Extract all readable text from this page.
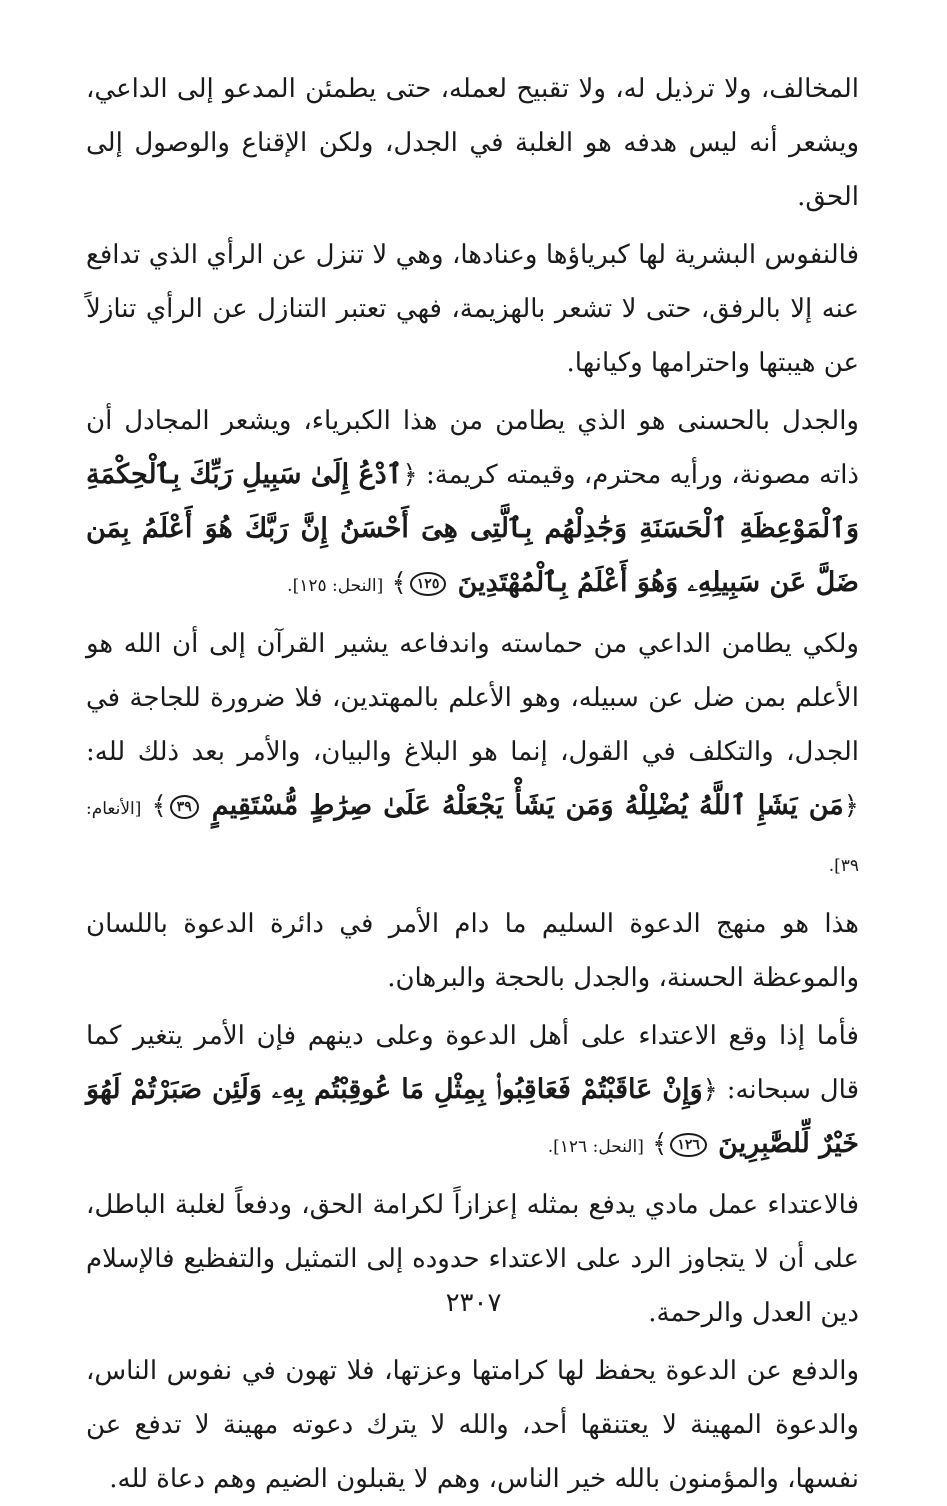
المخالف، ولا ترذيل له، ولا تقبيح لعمله، حتى يطمئن المدعو إلى الداعي، ويشعر أنه ليس هدفه هو الغلبة في الجدل، ولكن الإقناع والوصول إلى الحق.

فالنفوس البشرية لها كبرياؤها وعنادها، وهي لا تنزل عن الرأي الذي تدافع عنه إلا بالرفق، حتى لا تشعر بالهزيمة، فهي تعتبر التنازل عن الرأي تنازلاً عن هيبتها واحترامها وكيانها.

والجدل بالحسنى هو الذي يطامن من هذا الكبرياء، ويشعر المجادل أن ذاته مصونة، ورأيه محترم، وقيمته كريمة: ﴿ٱدْعُ إِلَىٰ سَبِيلِ رَبِّكَ بِٱلْحِكْمَةِ وَٱلْمَوْعِظَةِ ٱلْحَسَنَةِ وَجَٰدِلْهُم بِٱلَّتِى هِىَ أَحْسَنُ إِنَّ رَبَّكَ هُوَ أَعْلَمُ بِمَن ضَلَّ عَن سَبِيلِهِۦ وَهُوَ أَعْلَمُ بِٱلْمُهْتَدِينَ ١٢٥﴾ [النحل: ١٢٥].

ولكي يطامن الداعي من حماسته واندفاعه يشير القرآن إلى أن الله هو الأعلم بمن ضل عن سبيله، وهو الأعلم بالمهتدين، فلا ضرورة للجاجة في الجدل، والتكلف في القول، إنما هو البلاغ والبيان، والأمر بعد ذلك لله: ﴿مَن يَشَإِ ٱللَّهُ يُضْلِلْهُ وَمَن يَشَأْ يَجْعَلْهُ عَلَىٰ صِرَٰطٍ مُّسْتَقِيمٍ ٣٩﴾ [الأنعام: ٣٩].

هذا هو منهج الدعوة السليم ما دام الأمر في دائرة الدعوة باللسان والموعظة الحسنة، والجدل بالحجة والبرهان.

فأما إذا وقع الاعتداء على أهل الدعوة وعلى دينهم فإن الأمر يتغير كما قال سبحانه: ﴿وَإِنْ عَاقَبْتُمْ فَعَاقِبُوا۟ بِمِثْلِ مَا عُوقِبْتُم بِهِۦ وَلَئِن صَبَرْتُمْ لَهُوَ خَيْرٌ لِّلصَّٰبِرِينَ ١٢٦﴾ [النحل: ١٢٦].

فالاعتداء عمل مادي يدفع بمثله إعزازاً لكرامة الحق، ودفعاً لغلبة الباطل، على أن لا يتجاوز الرد على الاعتداء حدوده إلى التمثيل والتفظيع فالإسلام دين العدل والرحمة.

والدفع عن الدعوة يحفظ لها كرامتها وعزتها، فلا تهون في نفوس الناس، والدعوة المهينة لا يعتنقها أحد، والله لا يترك دعوته مهينة لا تدفع عن نفسها، والمؤمنون بالله خير الناس، وهم لا يقبلون الضيم وهم دعاة لله.

٢٣٠٧
